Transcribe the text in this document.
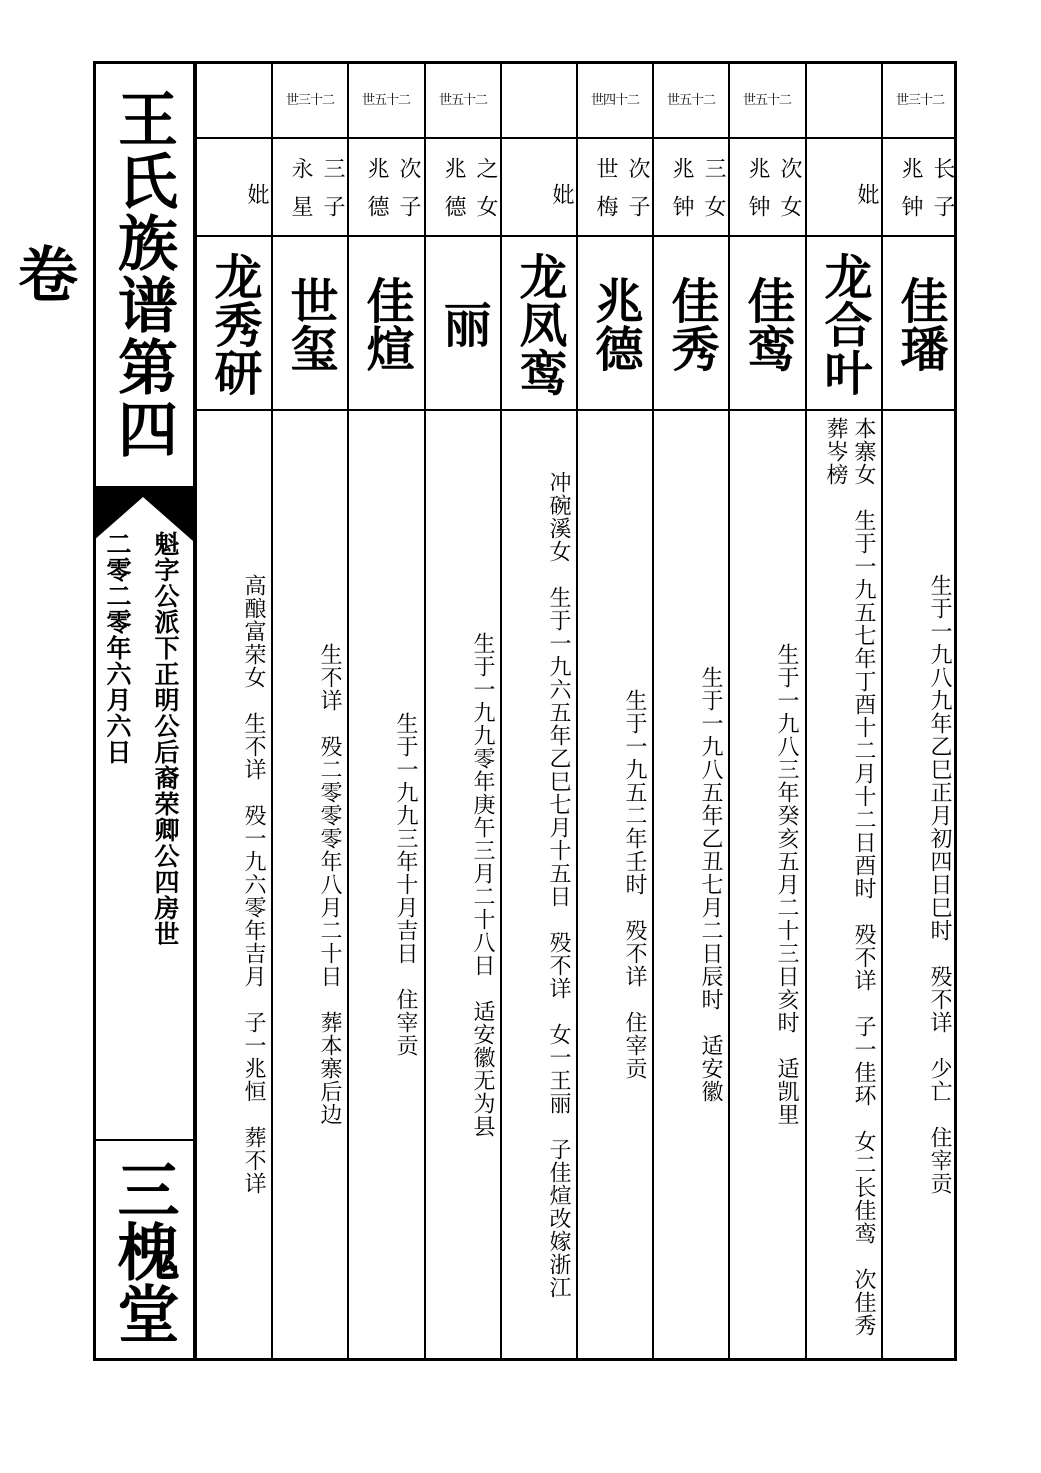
王氏族谱第四卷
魁字公派下正明公后裔荣卿公四房世
二零二零年六月六日
三槐堂
世三十二
长兆
子钟
佳璠
生于一九八九年乙巳正月初四日巳时　殁不详　少亡　住宰贡
妣
龙合叶
本寨女　生于一九五七年丁酉十二月十二日酉时　殁不详　子一佳环　女二长佳鸾　次佳秀　葬岑榜
世五十二
次兆
女钟
佳鸾
生于一九八三年癸亥五月二十三日亥时　适凯里
世五十二
三兆
女钟
佳秀
生于一九八五年乙丑七月二日辰时　适安徽
世四十二
次世
子梅
兆德
生于一九五二年壬时　殁不详　住宰贡
妣
龙凤鸾
冲碗溪女　生于一九六五年乙巳七月十五日　殁不详　女一王丽　子佳煊改嫁浙江
世五十二
之兆
女德
丽
生于一九九零年庚午三月二十八日　适安徽无为县
世五十二
次兆
子德
佳煊
生于一九九三年十月吉日　住宰贡
世三十二
三永
子星
世玺
生不详　殁二零零零年八月二十日　葬本寨后边
妣
龙秀研
高酿富荣女　生不详　殁一九六零年吉月　子一兆恒　葬不详
